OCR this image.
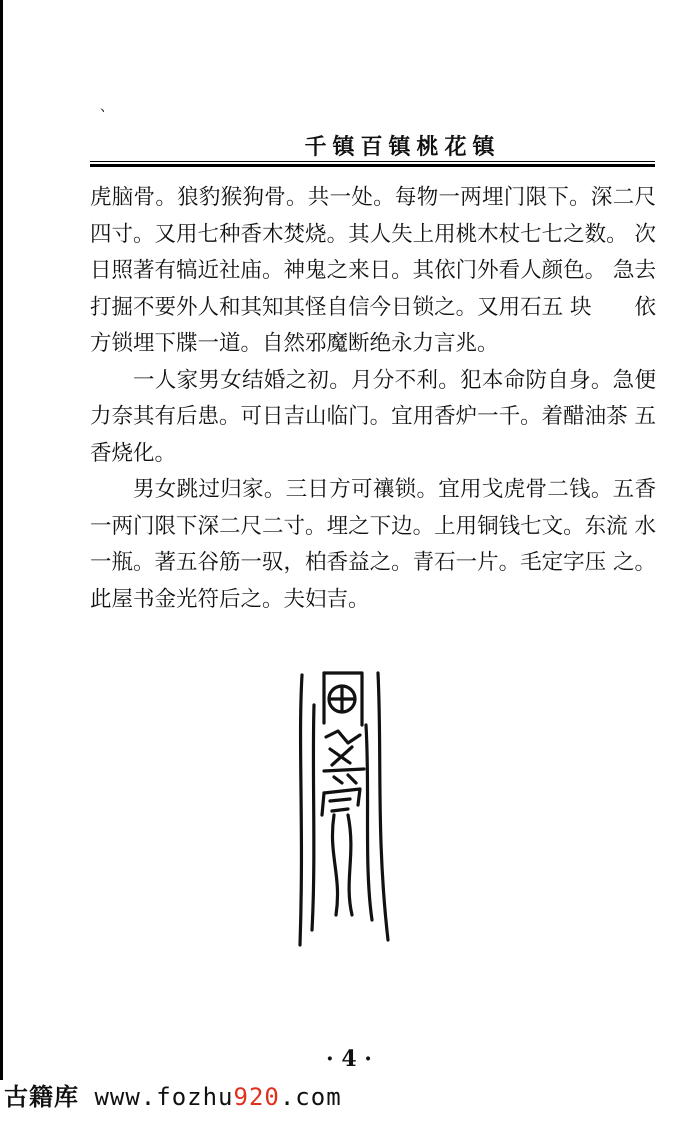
、
千镇百镇桃花镇

虎脑骨。狼豹猴狗骨。共一处。每物一两埋门限下。深二尺 四寸。又用七种香木焚烧。其人失上用桃木杖七七之数。 次日照著有犒近社庙。神鬼之来日。其依门外看人颜色。 急去打掘不要外人和其知其怪自信今日锁之。又用石五 块　　依方锁埋下牒一道。自然邪魔断绝永力言兆。

一人家男女结婚之初。月分不利。犯本命防自身。急便力奈其有后患。可日吉山临门。宜用香炉一千。着醋油茶 五香烧化。

男女跳过归家。三日方可禳锁。宜用戈虎骨二钱。五香一两门限下深二尺二寸。埋之下边。上用铜钱七文。东流 水一瓶。著五谷筋一驭，柏香益之。青石一片。毛定字压 之。此屋书金光符后之。夫妇吉。

· 4 ·
古籍库 www.fozhu920.com
